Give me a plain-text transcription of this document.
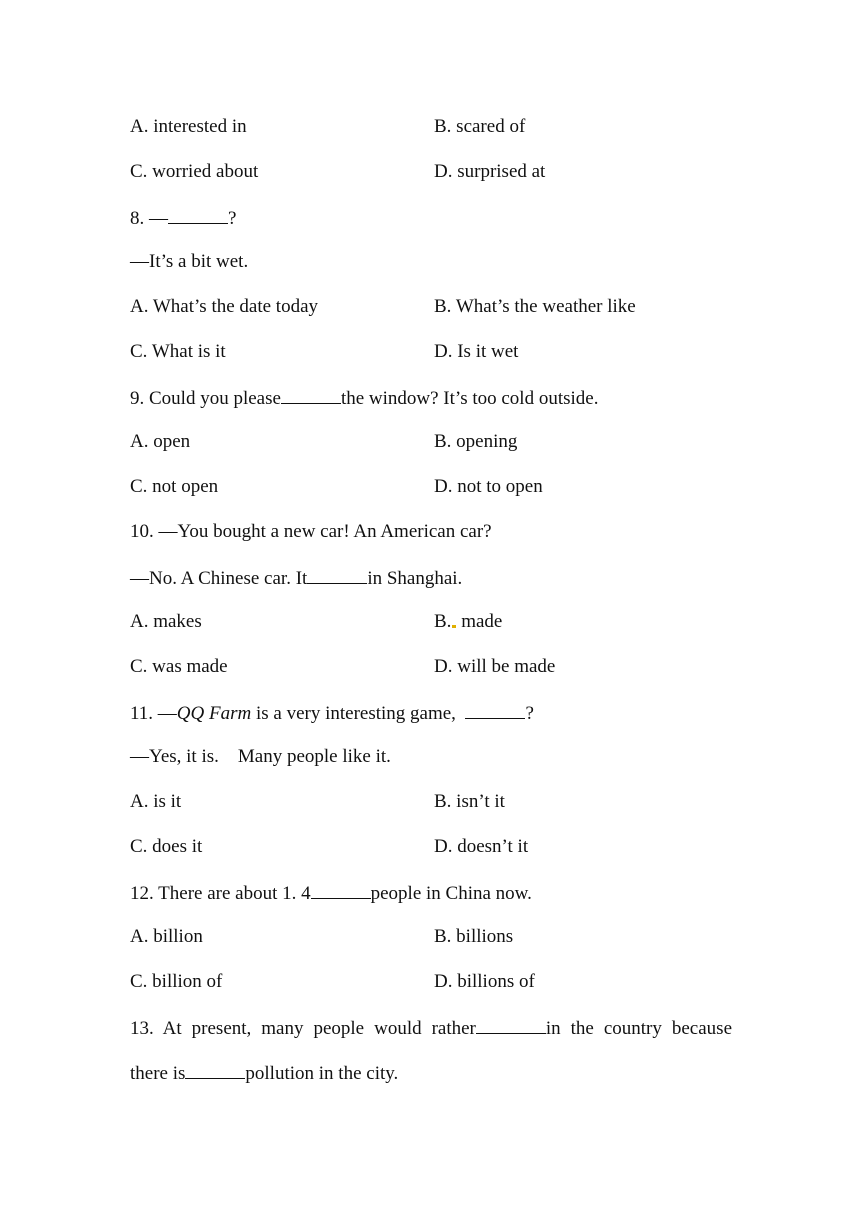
A. interested in	B. scared of
C. worried about	D. surprised at
8. —	?
—It’s a bit wet.
A. What’s the date today	B. What’s the weather like
C. What is it	D. Is it wet
9. Could you please	the window? It’s too cold outside.
A. open	B. opening
C. not open	D. not to open
10. —You bought a new car! An American car?
—No. A Chinese car. It	in Shanghai.
A. makes	B. made
C. was made	D. will be made
11. —QQ Farm is a very interesting game,	?
—Yes, it is.    Many people like it.
A. is it	B. isn’t it
C. does it	D. doesn’t it
12. There are about 1. 4	people in China now.
A. billion	B. billions
C. billion of	D. billions of
13. At present, many people would rather	in the country because
there is	pollution in the city.
